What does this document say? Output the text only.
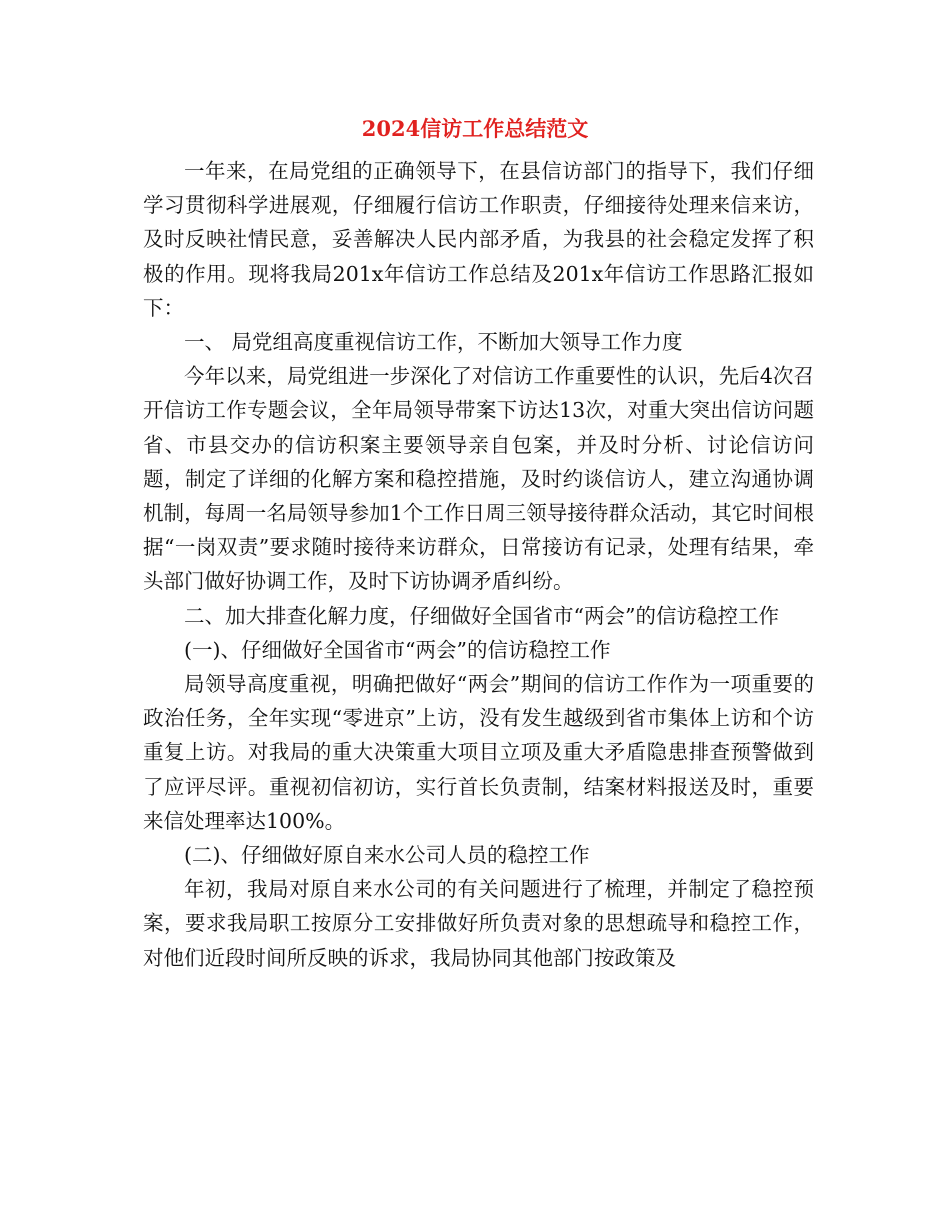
2024信访工作总结范文

一年来，在局党组的正确领导下，在县信访部门的指导下，我们仔细学习贯彻科学进展观，仔细履行信访工作职责，仔细接待处理来信来访，及时反映社情民意，妥善解决人民内部矛盾，为我县的社会稳定发挥了积极的作用。现将我局201x年信访工作总结及201x年信访工作思路汇报如下：

一、 局党组高度重视信访工作，不断加大领导工作力度

今年以来，局党组进一步深化了对信访工作重要性的认识，先后4次召开信访工作专题会议，全年局领导带案下访达13次，对重大突出信访问题省、市县交办的信访积案主要领导亲自包案，并及时分析、讨论信访问题，制定了详细的化解方案和稳控措施，及时约谈信访人，建立沟通协调机制，每周一名局领导参加1个工作日周三领导接待群众活动，其它时间根据“一岗双责”要求随时接待来访群众，日常接访有记录，处理有结果，牵头部门做好协调工作，及时下访协调矛盾纠纷。

二、加大排查化解力度，仔细做好全国省市“两会”的信访稳控工作

(一)、仔细做好全国省市“两会”的信访稳控工作

局领导高度重视，明确把做好“两会”期间的信访工作作为一项重要的政治任务，全年实现“零进京”上访，没有发生越级到省市集体上访和个访重复上访。对我局的重大决策重大项目立项及重大矛盾隐患排查预警做到了应评尽评。重视初信初访，实行首长负责制，结案材料报送及时，重要来信处理率达100%。

(二)、仔细做好原自来水公司人员的稳控工作

年初，我局对原自来水公司的有关问题进行了梳理，并制定了稳控预案，要求我局职工按原分工安排做好所负责对象的思想疏导和稳控工作，对他们近段时间所反映的诉求，我局协同其他部门按政策及
